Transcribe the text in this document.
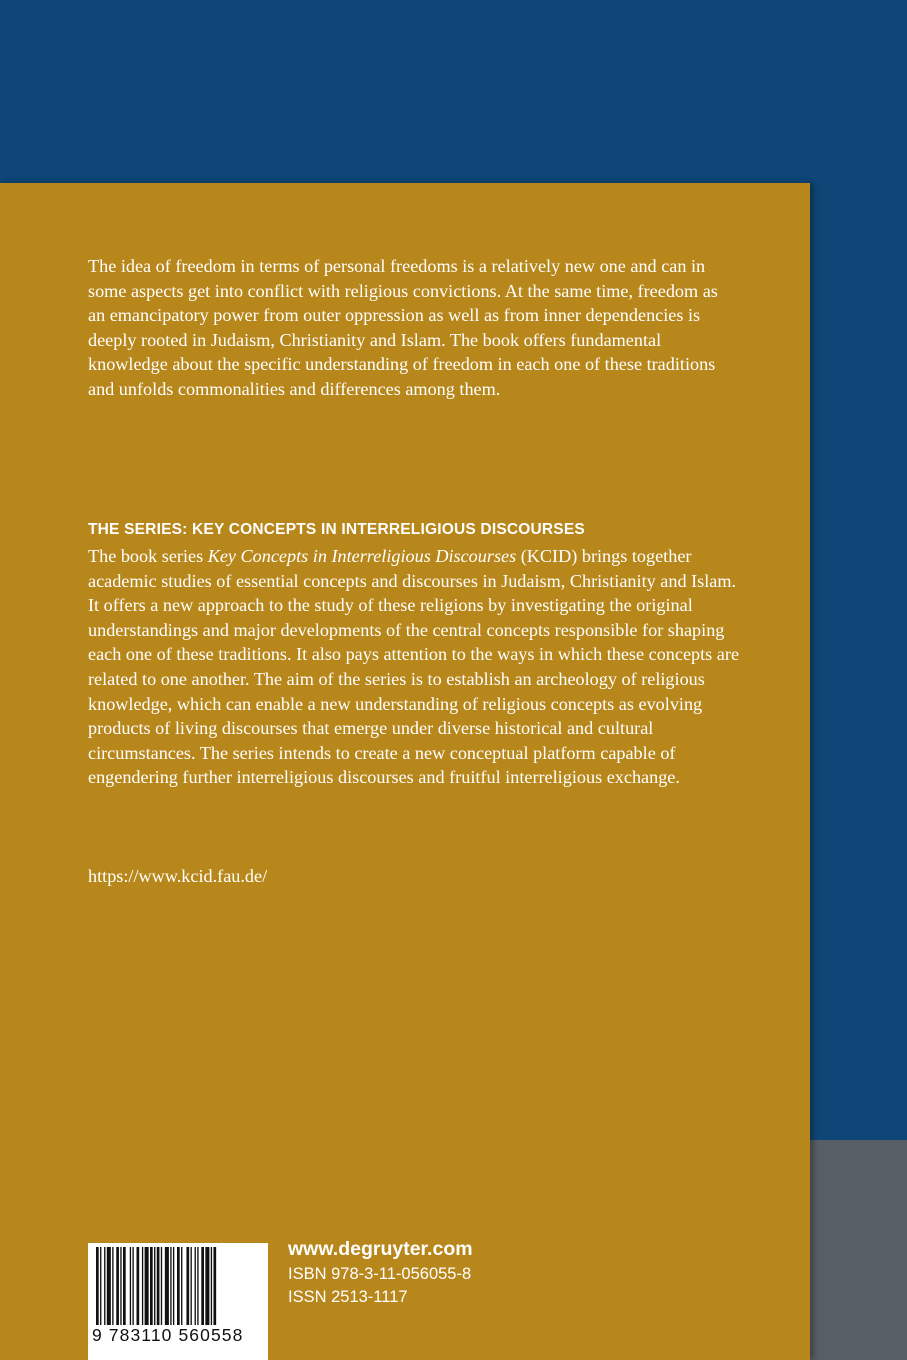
The idea of freedom in terms of personal freedoms is a relatively new one and can in some aspects get into conflict with religious convictions. At the same time, freedom as an emancipatory power from outer oppression as well as from inner dependencies is deeply rooted in Judaism, Christianity and Islam. The book offers fundamental knowledge about the specific understanding of freedom in each one of these traditions and unfolds commonalities and differences among them.

THE SERIES: KEY CONCEPTS IN INTERRELIGIOUS DISCOURSES

The book series Key Concepts in Interreligious Discourses (KCID) brings together academic studies of essential concepts and discourses in Judaism, Christianity and Islam. It offers a new approach to the study of these religions by investigating the original understandings and major developments of the central concepts responsible for shaping each one of these traditions. It also pays attention to the ways in which these concepts are related to one another. The aim of the series is to establish an archeology of religious knowledge, which can enable a new understanding of religious concepts as evolving products of living discourses that emerge under diverse historical and cultural circumstances. The series intends to create a new conceptual platform capable of engendering further interreligious discourses and fruitful interreligious exchange.

https://www.kcid.fau.de/

9 783110 560558

www.degruyter.com

ISBN 978-3-11-056055-8

ISSN 2513-1117
